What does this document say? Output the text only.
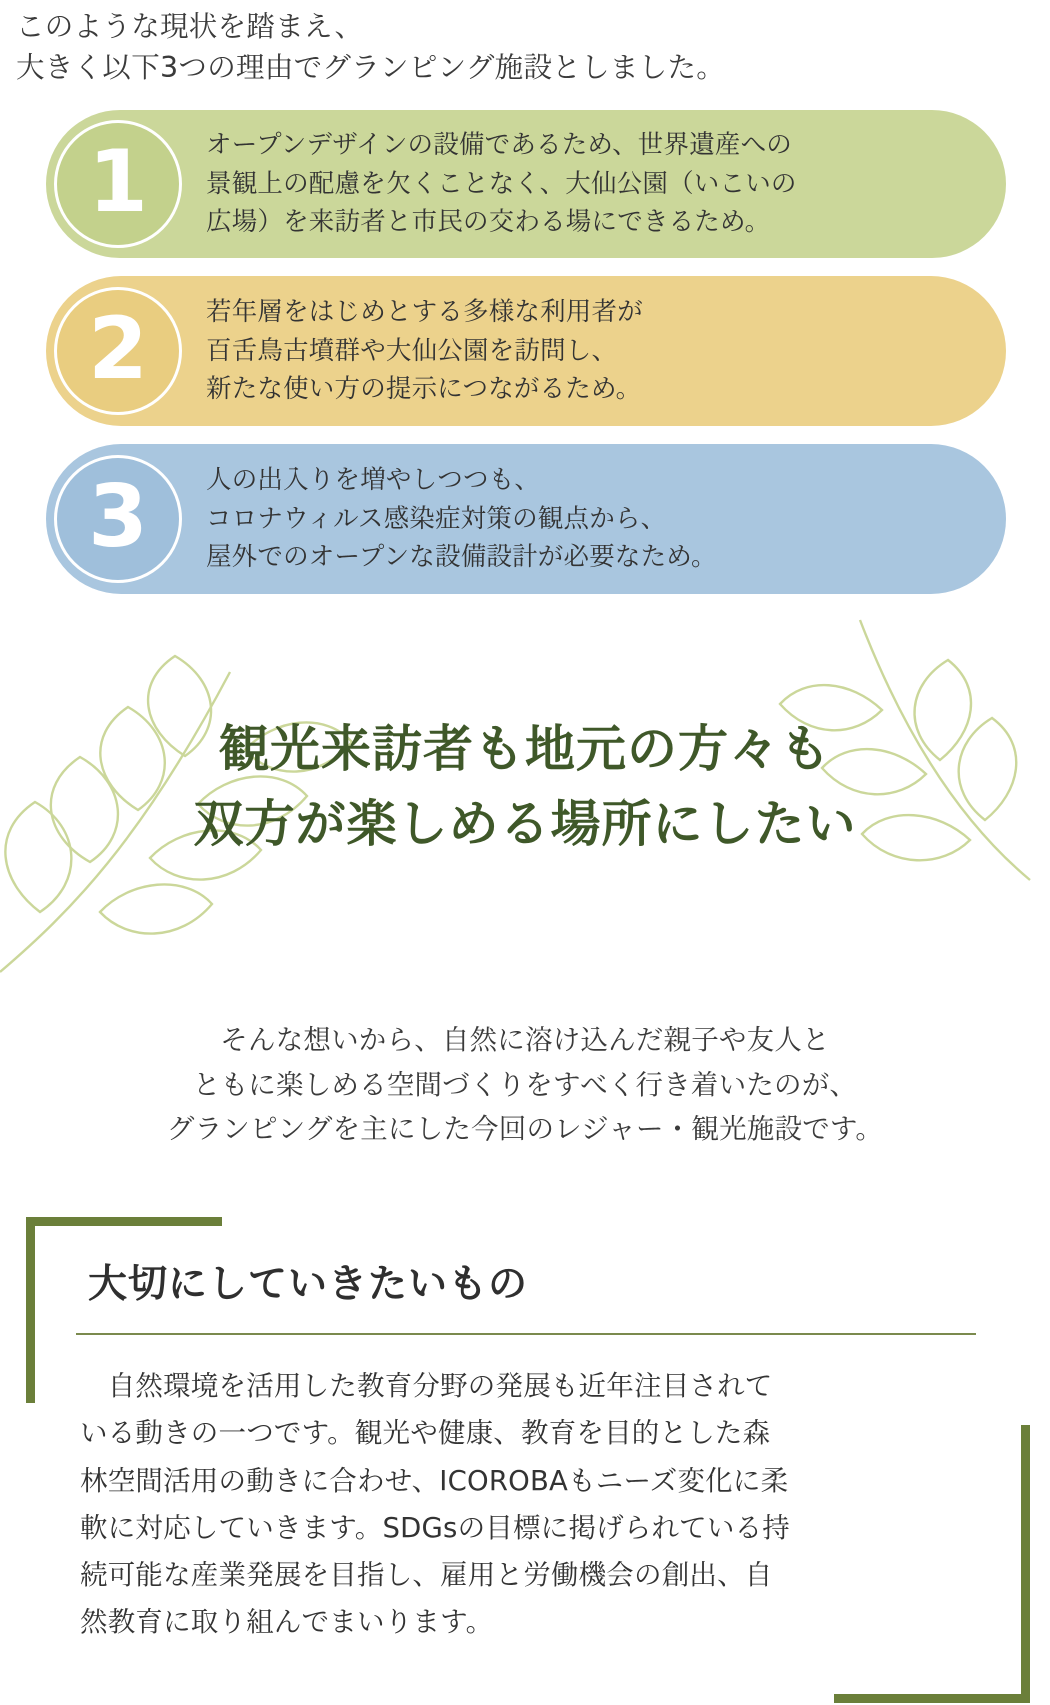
このような現状を踏まえ、
大きく以下3つの理由でグランピング施設としました。
1 オープンデザインの設備であるため、世界遺産への
景観上の配慮を欠くことなく、大仙公園（いこいの
広場）を来訪者と市民の交わる場にできるため。
2 若年層をはじめとする多様な利用者が
百舌鳥古墳群や大仙公園を訪問し、
新たな使い方の提示につながるため。
3 人の出入りを増やしつつも、
コロナウィルス感染症対策の観点から、
屋外でのオープンな設備設計が必要なため。
観光来訪者も地元の方々も
双方が楽しめる場所にしたい
そんな想いから、自然に溶け込んだ親子や友人と
ともに楽しめる空間づくりをすべく行き着いたのが、
グランピングを主にした今回のレジャー・観光施設です。
大切にしていきたいもの
　自然環境を活用した教育分野の発展も近年注目されて
いる動きの一つです。観光や健康、教育を目的とした森
林空間活用の動きに合わせ、ICOROBAもニーズ変化に柔
軟に対応していきます。SDGsの目標に掲げられている持
続可能な産業発展を目指し、雇用と労働機会の創出、自
然教育に取り組んでまいります。
